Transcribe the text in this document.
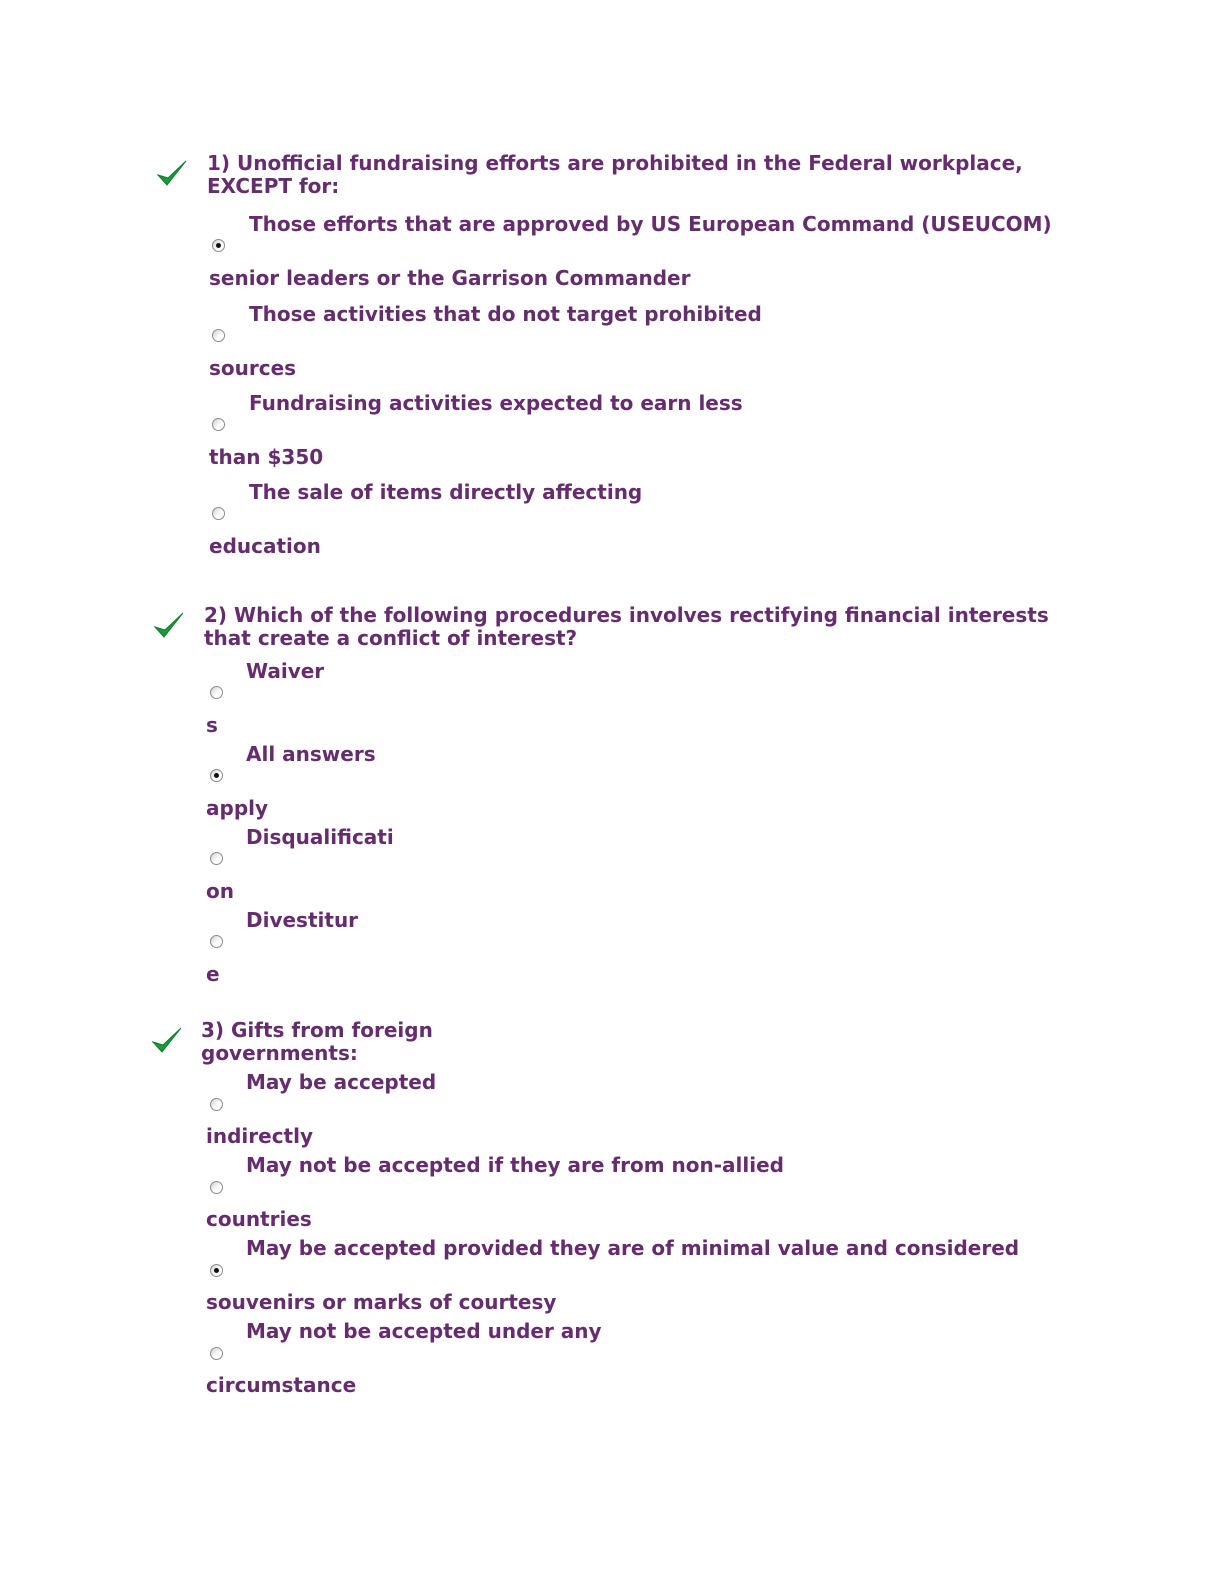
1) Unofficial fundraising efforts are prohibited in the Federal workplace,
EXCEPT for:
Those efforts that are approved by US European Command (USEUCOM)
senior leaders or the Garrison Commander
Those activities that do not target prohibited
sources
Fundraising activities expected to earn less
than $350
The sale of items directly affecting
education
2) Which of the following procedures involves rectifying financial interests
that create a conflict of interest?
Waiver
s
All answers
apply
Disqualificati
on
Divestitur
e
3) Gifts from foreign
governments:
May be accepted
indirectly
May not be accepted if they are from non-allied
countries
May be accepted provided they are of minimal value and considered
souvenirs or marks of courtesy
May not be accepted under any
circumstance
